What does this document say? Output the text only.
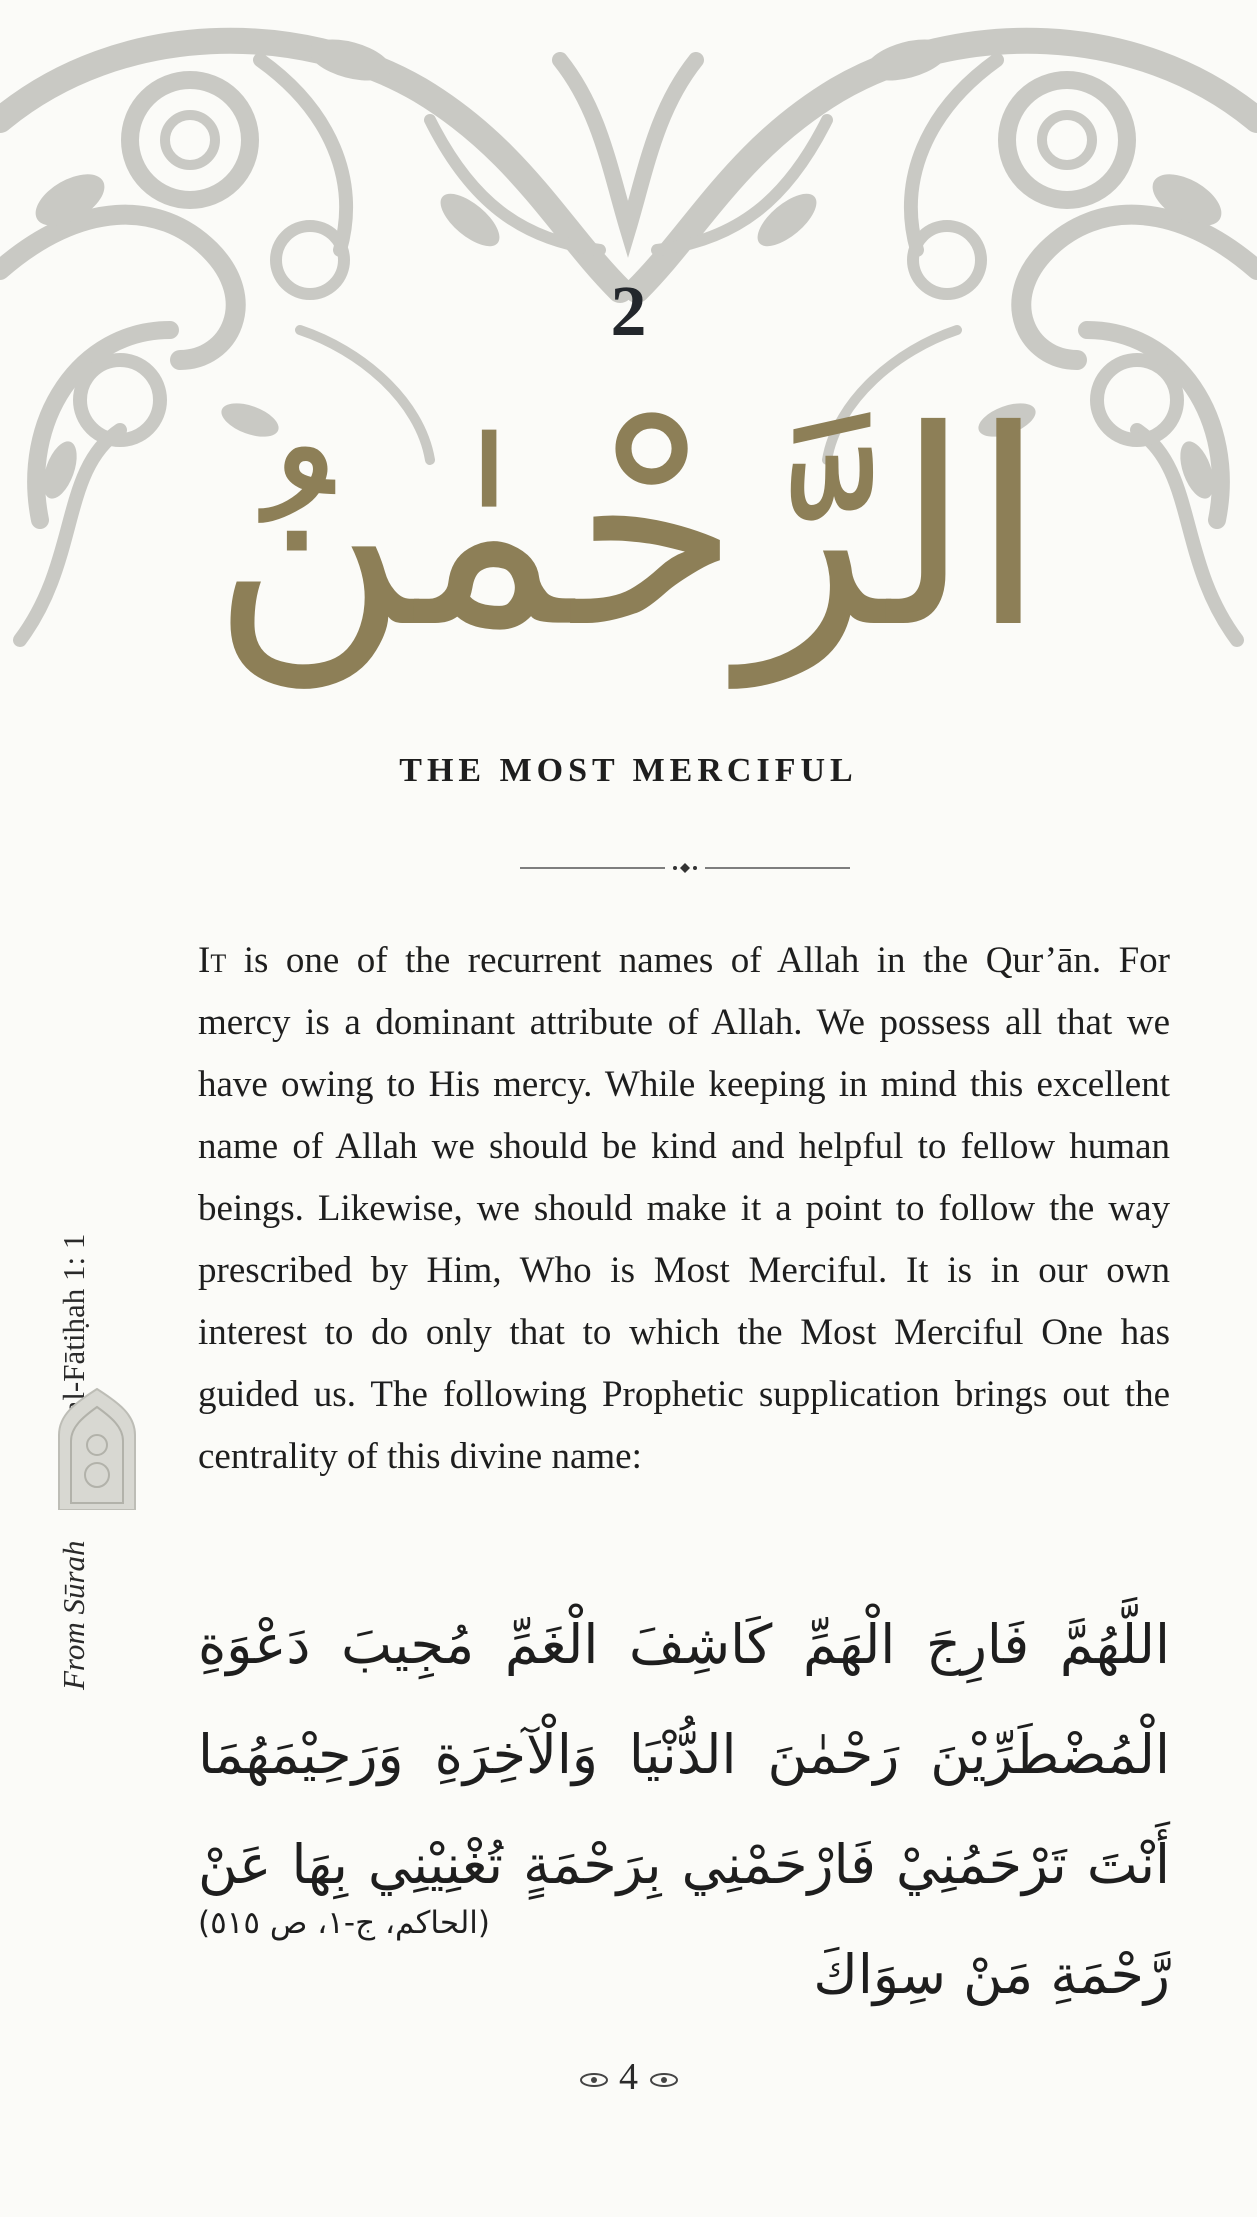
2
الرَّحْمٰنُ
THE MOST MERCIFUL
From Sūrahal-Fātiḥah 1: 1
It is one of the recurrent names of Allah in the Qur’ān. For mercy is a dominant attribute of Allah. We possess all that we have owing to His mercy. While keeping in mind this excellent name of Allah we should be kind and helpful to fellow human beings. Likewise, we should make it a point to follow the way prescribed by Him, Who is Most Merciful. It is in our own interest to do only that to which the Most Merciful One has guided us. The following Prophetic supplication brings out the centrality of this divine name:
اللَّهُمَّ فَارِجَ الْهَمِّ كَاشِفَ الْغَمِّ مُجِيبَ دَعْوَةِ الْمُضْطَرِّيْنَ رَحْمٰنَ الدُّنْيَا وَالْآخِرَةِ وَرَحِيْمَهُمَا أَنْتَ تَرْحَمُنِيْ فَارْحَمْنِي بِرَحْمَةٍ تُغْنِيْنِي بِهَا عَنْ رَّحْمَةِ مَنْ سِوَاكَ
(الحاكم، ج-١، ص ٥١٥)
4
